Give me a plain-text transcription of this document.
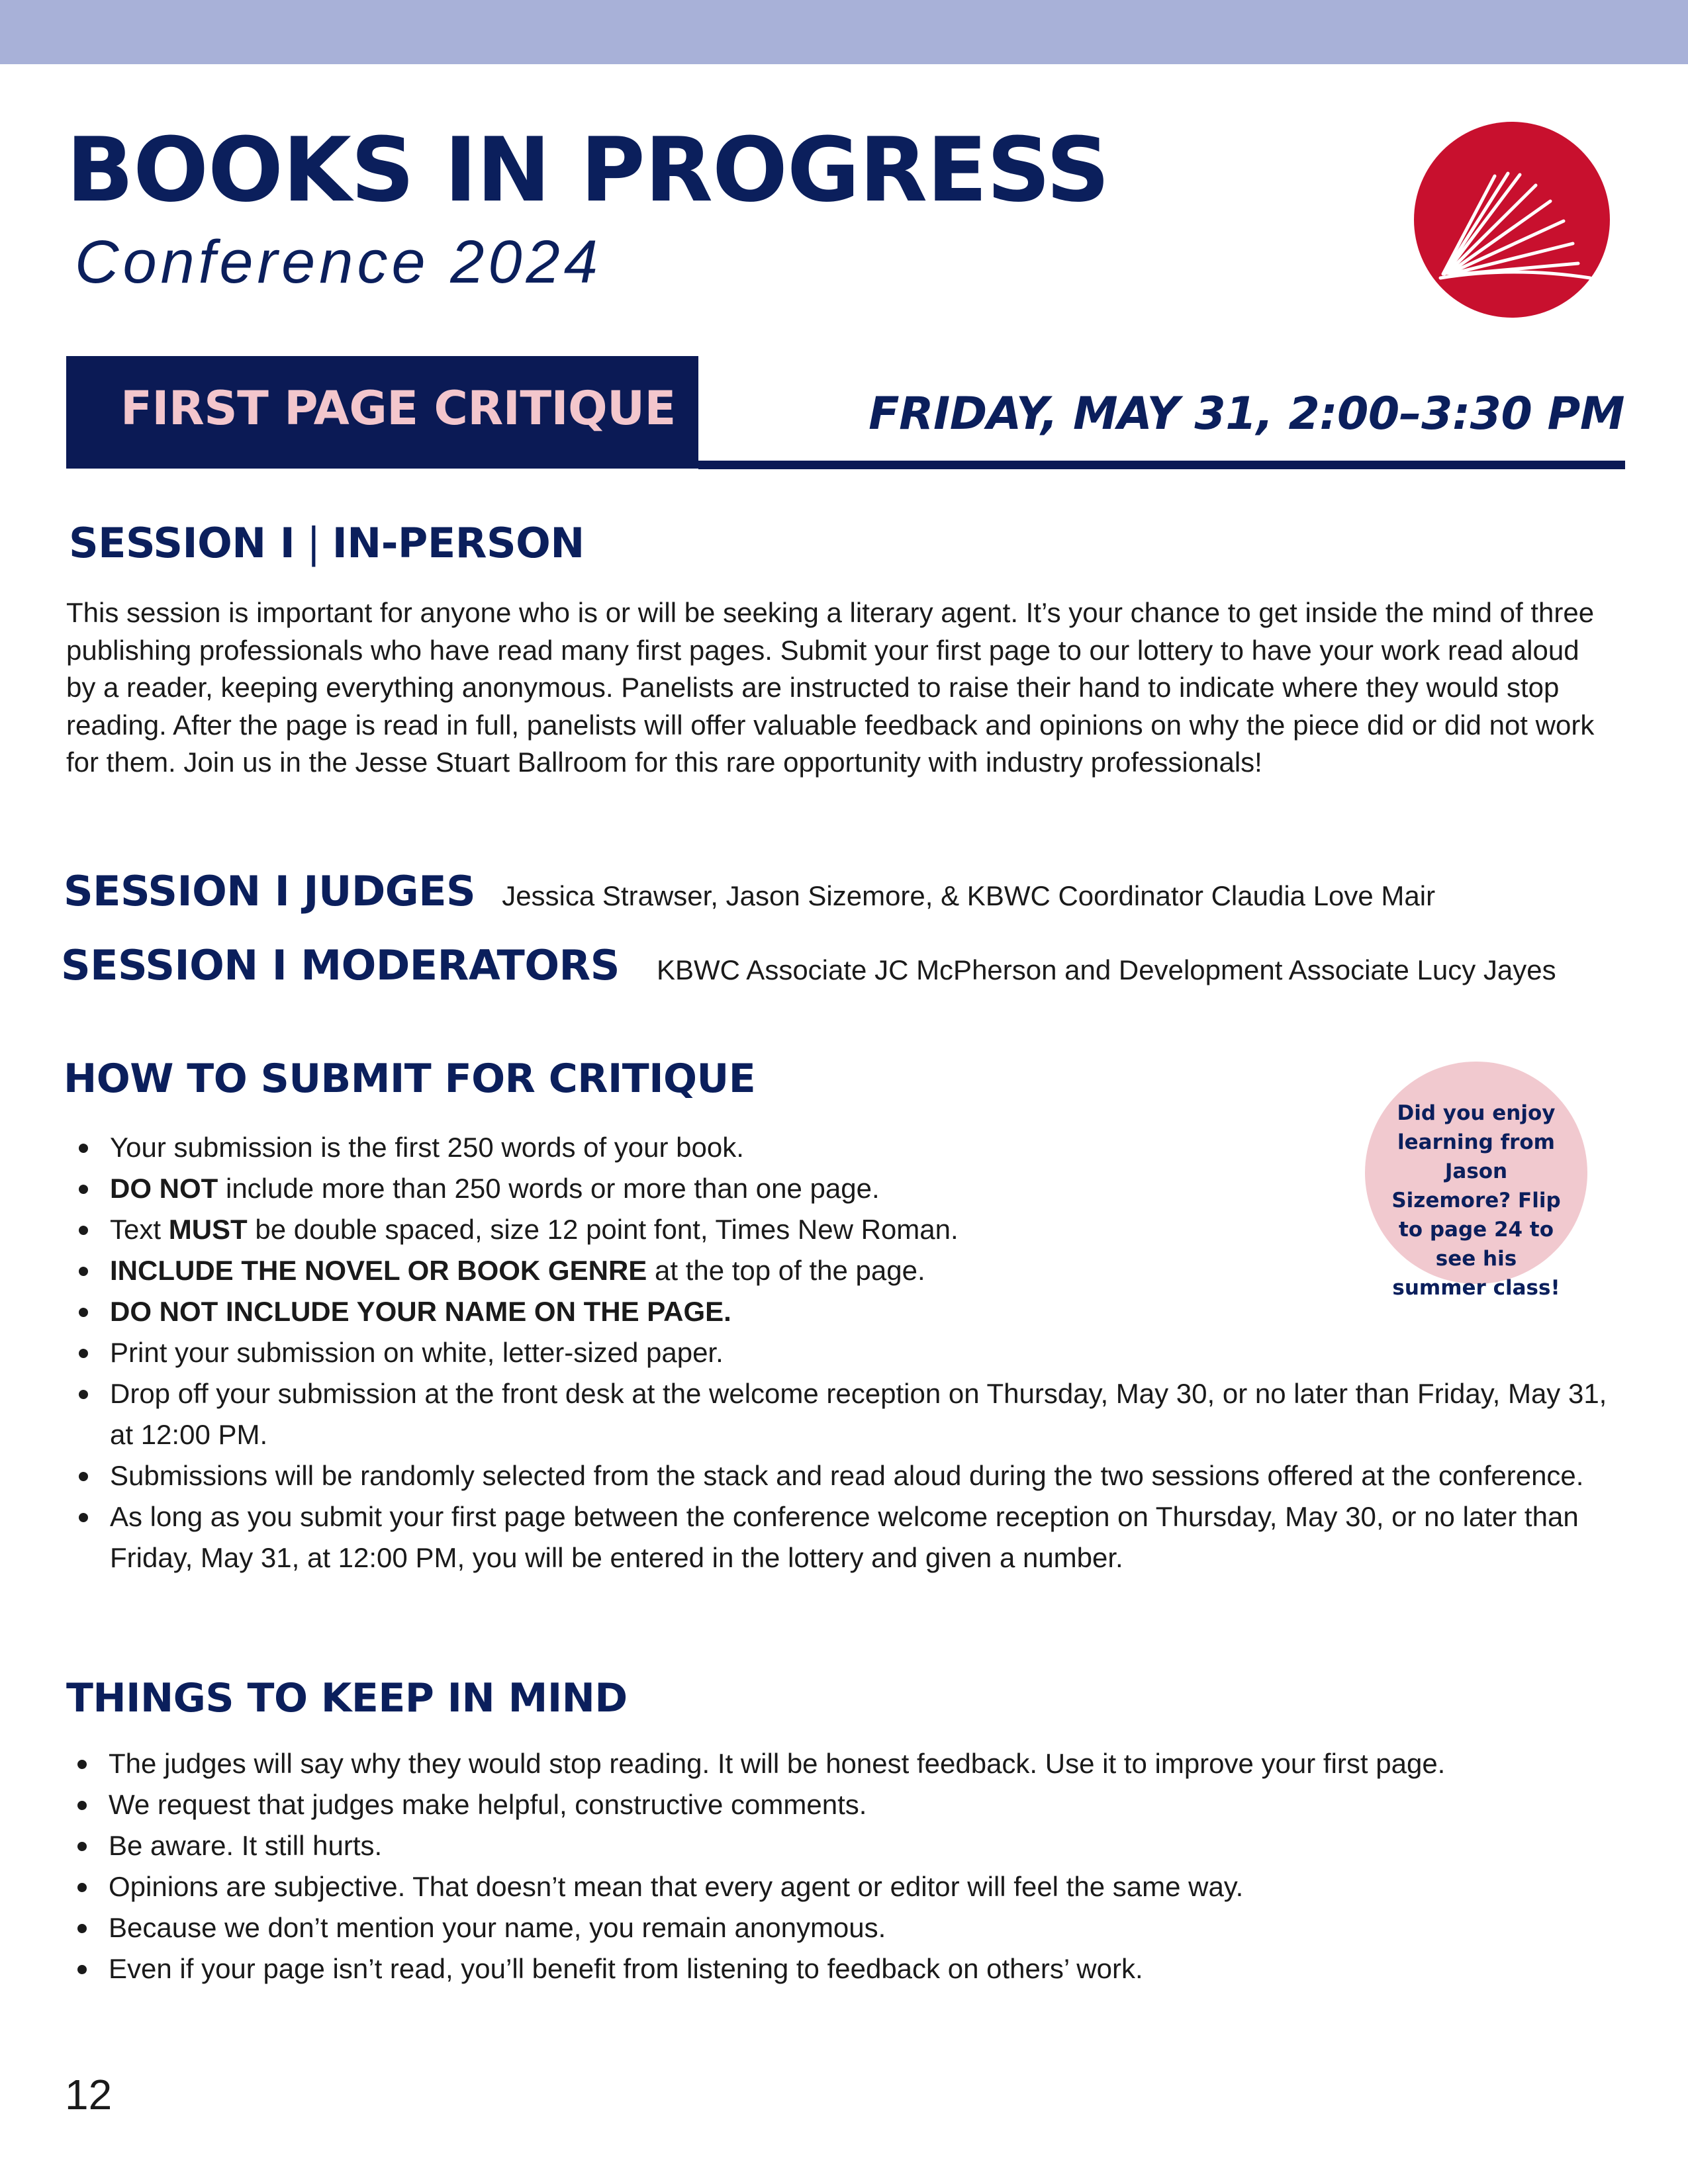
BOOKS IN PROGRESS
Conference 2024
FIRST PAGE CRITIQUE	FRIDAY, MAY 31, 2:00–3:30 PM
SESSION I | IN-PERSON

This session is important for anyone who is or will be seeking a literary agent. It’s your chance to get inside the mind of three publishing professionals who have read many first pages. Submit your first page to our lottery to have your work read aloud by a reader, keeping everything anonymous. Panelists are instructed to raise their hand to indicate where they would stop reading. After the page is read in full, panelists will offer valuable feedback and opinions on why the piece did or did not work for them. Join us in the Jesse Stuart Ballroom for this rare opportunity with industry professionals!

SESSION I JUDGES Jessica Strawser, Jason Sizemore, & KBWC Coordinator Claudia Love Mair
SESSION I MODERATORS KBWC Associate JC McPherson and Development Associate Lucy Jayes
HOW TO SUBMIT FOR CRITIQUE
Your submission is the first 250 words of your book.
DO NOT include more than 250 words or more than one page.
Text MUST be double spaced, size 12 point font, Times New Roman.
INCLUDE THE NOVEL OR BOOK GENRE at the top of the page.
DO NOT INCLUDE YOUR NAME ON THE PAGE.
Print your submission on white, letter-sized paper.
Drop off your submission at the front desk at the welcome reception on Thursday, May 30, or no later than Friday, May 31, at 12:00 PM.
Submissions will be randomly selected from the stack and read aloud during the two sessions offered at the conference.
As long as you submit your first page between the conference welcome reception on Thursday, May 30, or no later than Friday, May 31, at 12:00 PM, you will be entered in the lottery and given a number.
Did you enjoy learning from Jason Sizemore? Flip to page 24 to see his summer class!
THINGS TO KEEP IN MIND
The judges will say why they would stop reading. It will be honest feedback. Use it to improve your first page.
We request that judges make helpful, constructive comments.
Be aware. It still hurts.
Opinions are subjective. That doesn’t mean that every agent or editor will feel the same way.
Because we don’t mention your name, you remain anonymous.
Even if your page isn’t read, you’ll benefit from listening to feedback on others’ work.
12
